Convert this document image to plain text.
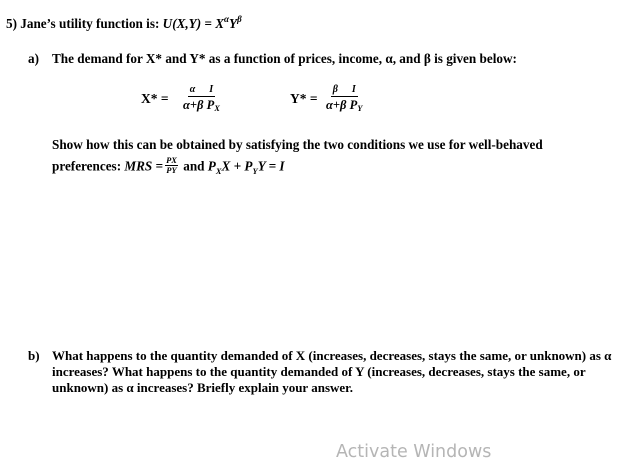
5) Jane’s utility function is: $U(X,Y) = X^\alpha Y^\beta$
a) The demand for X* and Y* as a function of prices, income, α, and β is given below:
X* =
α I
α+β $P_X$
Y* =
β I
α+β $P_Y$
Show how this can be obtained by satisfying the two conditions we use for well-behaved
preferences: MRS = $\frac{PX}{PY}$ and $P_XX + P_YY = I$
b) What happens to the quantity demanded of X (increases, decreases, stays the same, or unknown) as α increases? What happens to the quantity demanded of Y (increases, decreases, stays the same, or unknown) as α increases? Briefly explain your answer.
Activate Windows
